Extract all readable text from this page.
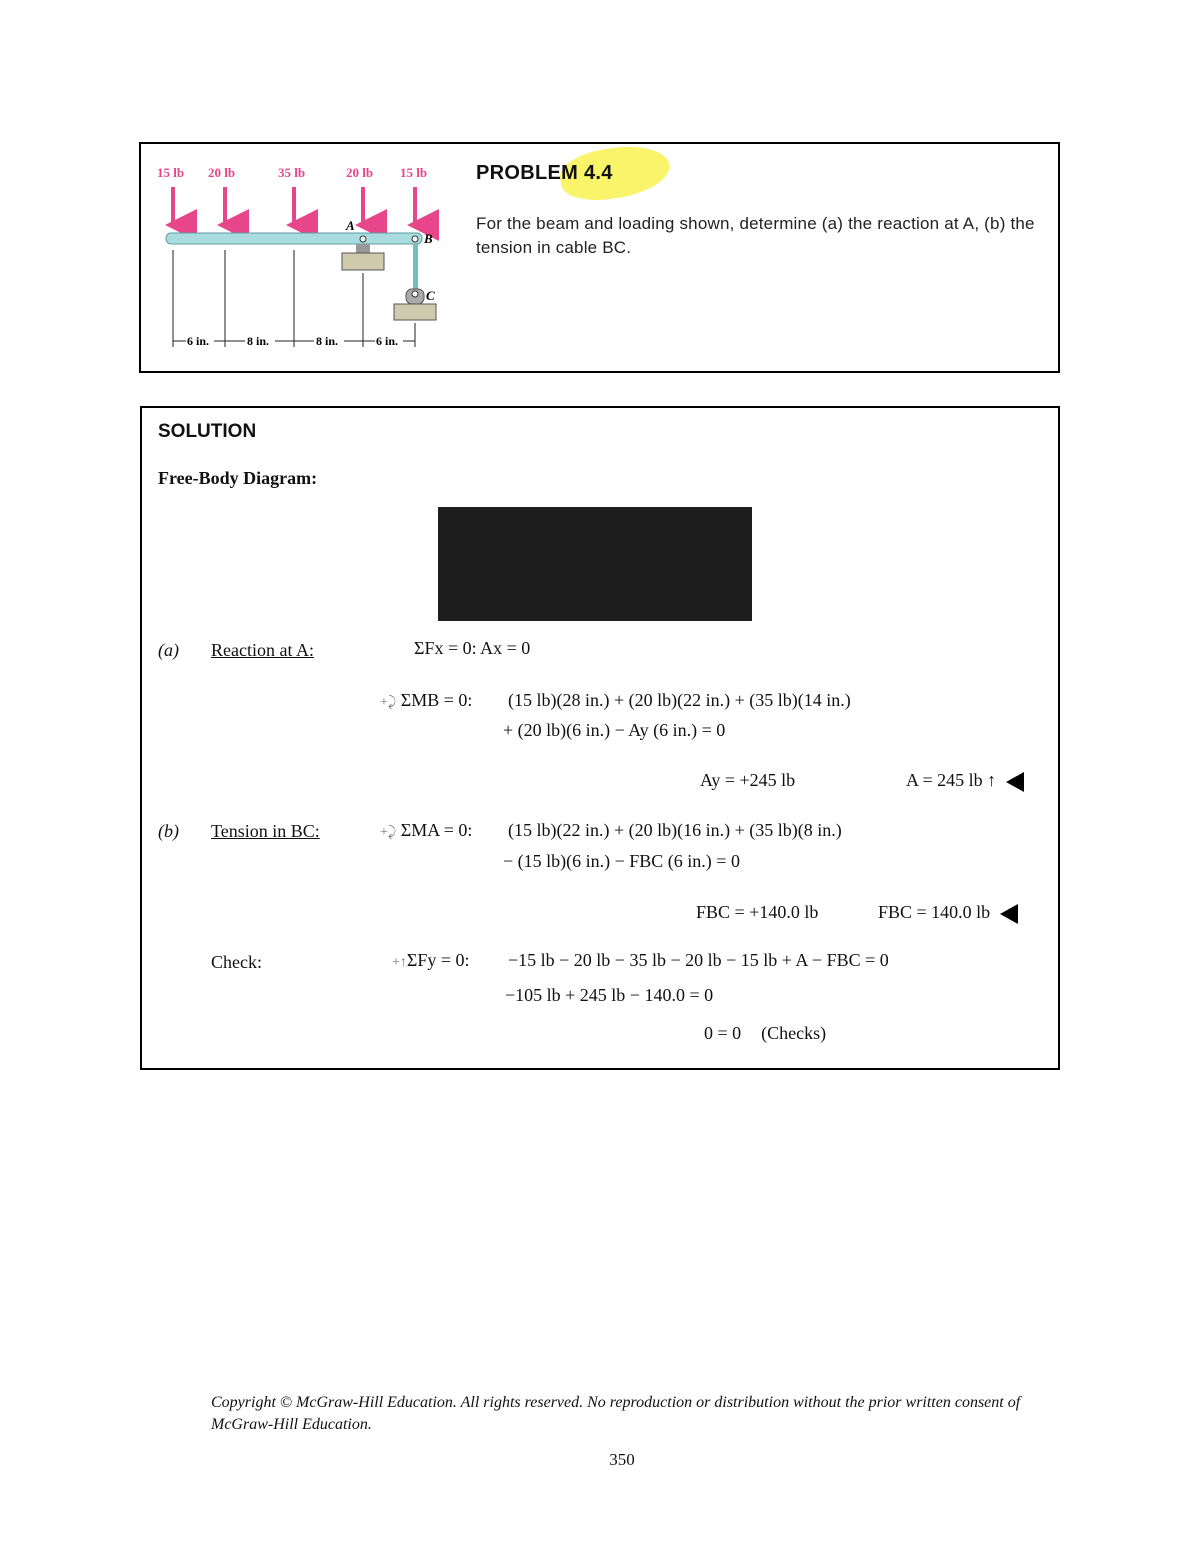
15 lb 20 lb	35 lb	20 lb 15 lb
A
B
C
6 in.	8 in.	8 in.	6 in.
PROBLEM 4.4
For the beam and loading shown, determine (a) the reaction at A, (b) the tension in cable BC.
SOLUTION
Free-Body Diagram:
(a) Reaction at A:	ΣFx = 0: Ax = 0
+⤸ ΣMB = 0: (15 lb)(28 in.) + (20 lb)(22 in.) + (35 lb)(14 in.)
+ (20 lb)(6 in.) − Ay (6 in.) = 0
Ay = +245 lb	A = 245 lb ↑
(b) Tension in BC:	+⤸ ΣMA = 0: (15 lb)(22 in.) + (20 lb)(16 in.) + (35 lb)(8 in.)
− (15 lb)(6 in.) − FBC (6 in.) = 0
FBC = +140.0 lb	FBC = 140.0 lb
Check:	+↑ΣFy = 0: −15 lb − 20 lb − 35 lb − 20 lb − 15 lb + A − FBC = 0
−105 lb + 245 lb − 140.0 = 0
0 = 0 (Checks)
Copyright © McGraw-Hill Education. All rights reserved. No reproduction or distribution without the prior written consent of McGraw-Hill Education.
350
